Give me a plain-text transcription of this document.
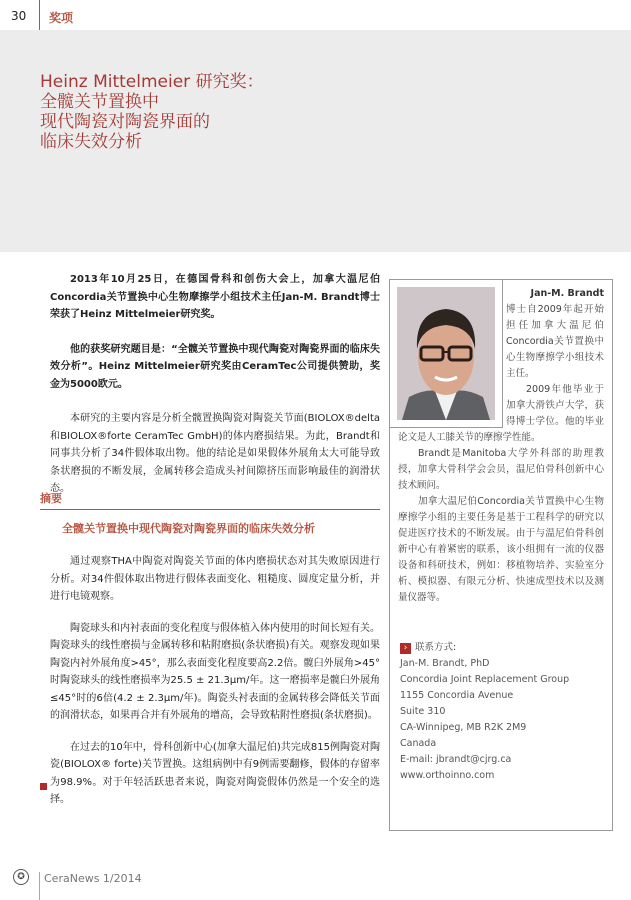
30 奖项
Heinz Mittelmeier 研究奖：
全髋关节置换中
现代陶瓷对陶瓷界面的
临床失效分析

2013年10月25日，在德国骨科和创伤大会上，加拿大温尼伯Concordia关节置换中心生物摩擦学小组技术主任Jan-M. Brandt博士荣获了Heinz Mittelmeier研究奖。

他的获奖研究题目是：“全髋关节置换中现代陶瓷对陶瓷界面的临床失效分析”。Heinz Mittelmeier研究奖由CeramTec公司提供赞助，奖金为5000欧元。

本研究的主要内容是分析全髋置换陶瓷对陶瓷关节面(BIOLOX®delta和BIOLOX®forte CeramTec GmbH)的体内磨损结果。为此，Brandt和同事共分析了34件假体取出物。他的结论是如果假体外展角太大可能导致条状磨损的不断发展，金属转移会造成头衬间隙挤压而影响最佳的润滑状态。

摘要
全髋关节置换中现代陶瓷对陶瓷界面的临床失效分析

通过观察THA中陶瓷对陶瓷关节面的体内磨损状态对其失败原因进行分析。对34件假体取出物进行假体表面变化、粗糙度、圆度定量分析，并进行电镜观察。

陶瓷球头和内衬表面的变化程度与假体植入体内使用的时间长短有关。陶瓷球头的线性磨损与金属转移和粘附磨损(条状磨损)有关。观察发现如果陶瓷内衬外展角度>45°，那么表面变化程度要高2.2倍。髋臼外展角>45°时陶瓷球头的线性磨损率为25.5 ± 21.3μm/年。这一磨损率是髋臼外展角≤45°时的6倍(4.2 ± 2.3μm/年)。陶瓷头衬表面的金属转移会降低关节面的润滑状态，如果再合并有外展角的增高，会导致粘附性磨损(条状磨损)。

在过去的10年中，骨科创新中心(加拿大温尼伯)共完成815例陶瓷对陶瓷(BIOLOX® forte)关节置换。这组病例中有9例需要翻修，假体的存留率为98.9%。对于年轻活跃患者来说，陶瓷对陶瓷假体仍然是一个安全的选择。

Jan-M. Brandt

博士自2009年起开始担任加拿大温尼伯Concordia关节置换中心生物摩擦学小组技术主任。

2009年他毕业于加拿大滑铁卢大学，获得博士学位。他的毕业论文是人工膝关节的摩擦学性能。

Brandt是Manitoba大学外科部的助理教授，加拿大骨科学会会员，温尼伯骨科创新中心技术顾问。

加拿大温尼伯Concordia关节置换中心生物摩擦学小组的主要任务是基于工程科学的研究以促进医疗技术的不断发展。由于与温尼伯骨科创新中心有着紧密的联系，该小组拥有一流的仪器设备和科研技术，例如：移植物培养、实验室分析、模拟器、有限元分析、快速成型技术以及测量仪器等。

› 联系方式:
Jan-M. Brandt, PhD
Concordia Joint Replacement Group
1155 Concordia Avenue
Suite 310
CA-Winnipeg, MB R2K 2M9
Canada
E-mail: jbrandt@cjrg.ca
www.orthoinno.com
✪	CeraNews 1/2014
